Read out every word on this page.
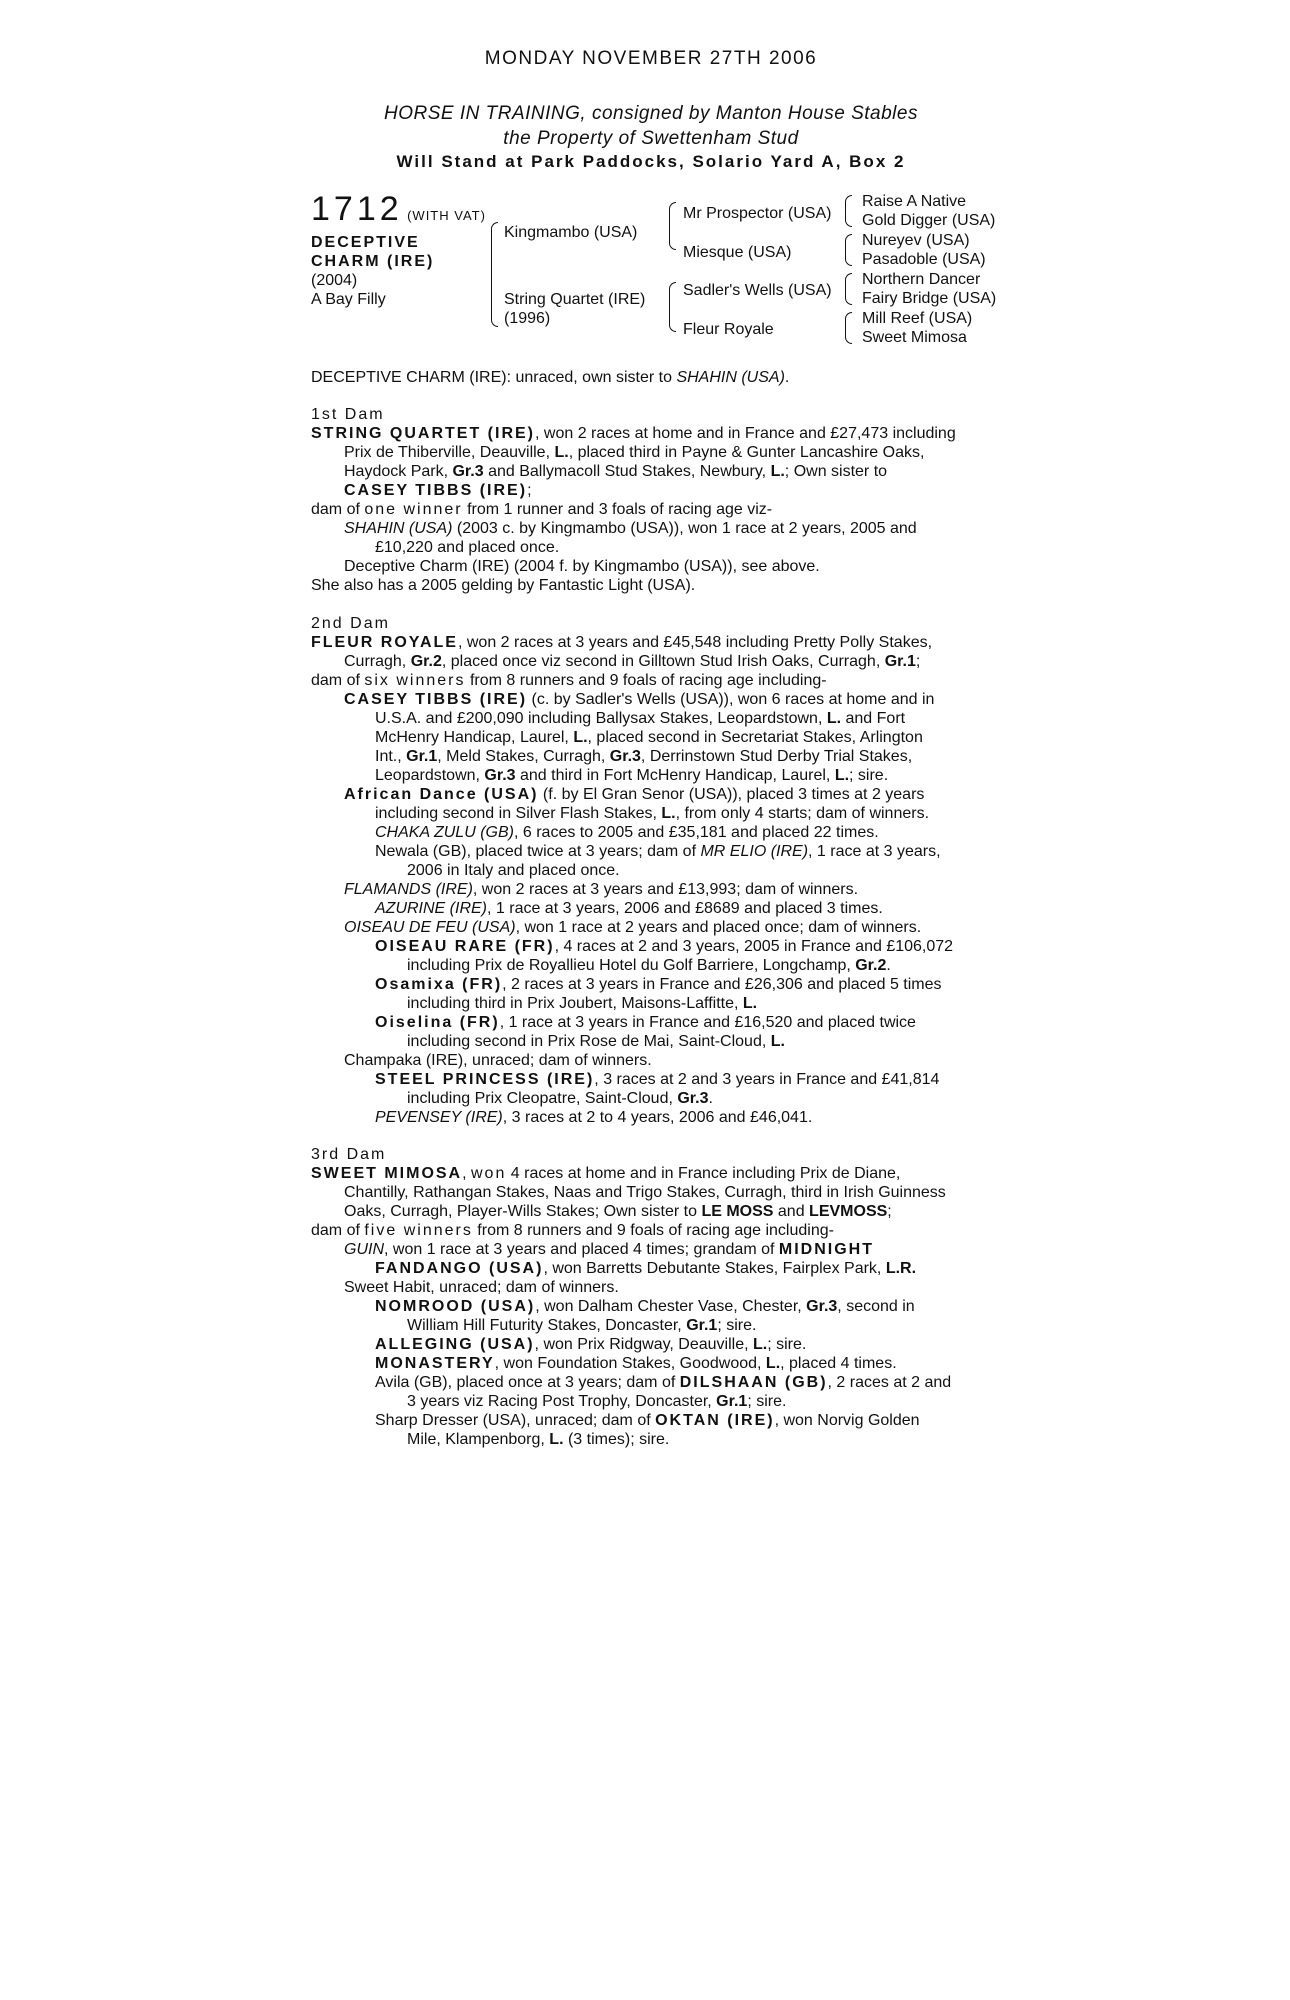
MONDAY NOVEMBER 27TH 2006
HORSE IN TRAINING, consigned by Manton House Stables
the Property of Swettenham Stud
Will Stand at Park Paddocks, Solario Yard A, Box 2
1712 (WITH VAT)
DECEPTIVE
CHARM (IRE)
(2004)
A Bay Filly
Kingmambo (USA)
String Quartet (IRE)
(1996)
Mr Prospector (USA)
Miesque (USA)
Sadler's Wells (USA)
Fleur Royale
Raise A Native
Gold Digger (USA)
Nureyev (USA)
Pasadoble (USA)
Northern Dancer
Fairy Bridge (USA)
Mill Reef (USA)
Sweet Mimosa
DECEPTIVE CHARM (IRE): unraced, own sister to SHAHIN (USA).
1st Dam
STRING QUARTET (IRE), won 2 races at home and in France and £27,473 including
Prix de Thiberville, Deauville, L., placed third in Payne & Gunter Lancashire Oaks,
Haydock Park, Gr.3 and Ballymacoll Stud Stakes, Newbury, L.; Own sister to
CASEY TIBBS (IRE);
dam of one winner from 1 runner and 3 foals of racing age viz-
SHAHIN (USA) (2003 c. by Kingmambo (USA)), won 1 race at 2 years, 2005 and
£10,220 and placed once.
Deceptive Charm (IRE) (2004 f. by Kingmambo (USA)), see above.
She also has a 2005 gelding by Fantastic Light (USA).
2nd Dam
FLEUR ROYALE, won 2 races at 3 years and £45,548 including Pretty Polly Stakes,
Curragh, Gr.2, placed once viz second in Gilltown Stud Irish Oaks, Curragh, Gr.1;
dam of six winners from 8 runners and 9 foals of racing age including-
CASEY TIBBS (IRE) (c. by Sadler's Wells (USA)), won 6 races at home and in
U.S.A. and £200,090 including Ballysax Stakes, Leopardstown, L. and Fort
McHenry Handicap, Laurel, L., placed second in Secretariat Stakes, Arlington
Int., Gr.1, Meld Stakes, Curragh, Gr.3, Derrinstown Stud Derby Trial Stakes,
Leopardstown, Gr.3 and third in Fort McHenry Handicap, Laurel, L.; sire.
African Dance (USA) (f. by El Gran Senor (USA)), placed 3 times at 2 years
including second in Silver Flash Stakes, L., from only 4 starts; dam of winners.
CHAKA ZULU (GB), 6 races to 2005 and £35,181 and placed 22 times.
Newala (GB), placed twice at 3 years; dam of MR ELIO (IRE), 1 race at 3 years,
2006 in Italy and placed once.
FLAMANDS (IRE), won 2 races at 3 years and £13,993; dam of winners.
AZURINE (IRE), 1 race at 3 years, 2006 and £8689 and placed 3 times.
OISEAU DE FEU (USA), won 1 race at 2 years and placed once; dam of winners.
OISEAU RARE (FR), 4 races at 2 and 3 years, 2005 in France and £106,072
including Prix de Royallieu Hotel du Golf Barriere, Longchamp, Gr.2.
Osamixa (FR), 2 races at 3 years in France and £26,306 and placed 5 times
including third in Prix Joubert, Maisons-Laffitte, L.
Oiselina (FR), 1 race at 3 years in France and £16,520 and placed twice
including second in Prix Rose de Mai, Saint-Cloud, L.
Champaka (IRE), unraced; dam of winners.
STEEL PRINCESS (IRE), 3 races at 2 and 3 years in France and £41,814
including Prix Cleopatre, Saint-Cloud, Gr.3.
PEVENSEY (IRE), 3 races at 2 to 4 years, 2006 and £46,041.
3rd Dam
SWEET MIMOSA, won 4 races at home and in France including Prix de Diane,
Chantilly, Rathangan Stakes, Naas and Trigo Stakes, Curragh, third in Irish Guinness
Oaks, Curragh, Player-Wills Stakes; Own sister to LE MOSS and LEVMOSS;
dam of five winners from 8 runners and 9 foals of racing age including-
GUIN, won 1 race at 3 years and placed 4 times; grandam of MIDNIGHT
FANDANGO (USA), won Barretts Debutante Stakes, Fairplex Park, L.R.
Sweet Habit, unraced; dam of winners.
NOMROOD (USA), won Dalham Chester Vase, Chester, Gr.3, second in
William Hill Futurity Stakes, Doncaster, Gr.1; sire.
ALLEGING (USA), won Prix Ridgway, Deauville, L.; sire.
MONASTERY, won Foundation Stakes, Goodwood, L., placed 4 times.
Avila (GB), placed once at 3 years; dam of DILSHAAN (GB), 2 races at 2 and
3 years viz Racing Post Trophy, Doncaster, Gr.1; sire.
Sharp Dresser (USA), unraced; dam of OKTAN (IRE), won Norvig Golden
Mile, Klampenborg, L. (3 times); sire.
